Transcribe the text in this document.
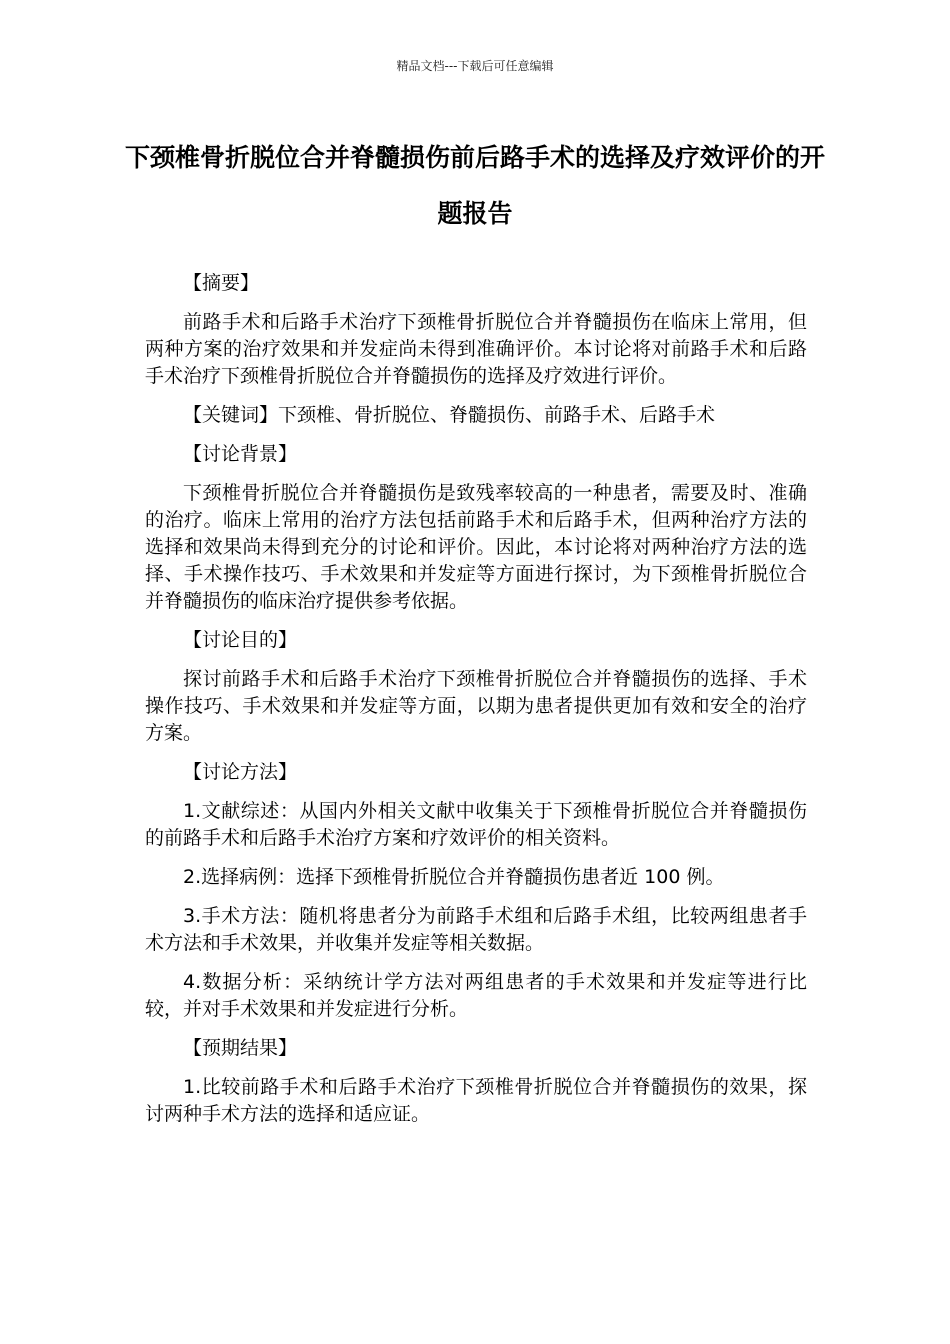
精品文档---下载后可任意编辑
下颈椎骨折脱位合并脊髓损伤前后路手术的选择及疗效评价的开题报告

【摘要】

前路手术和后路手术治疗下颈椎骨折脱位合并脊髓损伤在临床上常用，但两种方案的治疗效果和并发症尚未得到准确评价。本讨论将对前路手术和后路手术治疗下颈椎骨折脱位合并脊髓损伤的选择及疗效进行评价。

【关键词】下颈椎、骨折脱位、脊髓损伤、前路手术、后路手术

【讨论背景】

下颈椎骨折脱位合并脊髓损伤是致残率较高的一种患者，需要及时、准确的治疗。临床上常用的治疗方法包括前路手术和后路手术，但两种治疗方法的选择和效果尚未得到充分的讨论和评价。因此，本讨论将对两种治疗方法的选择、手术操作技巧、手术效果和并发症等方面进行探讨，为下颈椎骨折脱位合并脊髓损伤的临床治疗提供参考依据。

【讨论目的】

探讨前路手术和后路手术治疗下颈椎骨折脱位合并脊髓损伤的选择、手术操作技巧、手术效果和并发症等方面，以期为患者提供更加有效和安全的治疗方案。

【讨论方法】

1.文献综述：从国内外相关文献中收集关于下颈椎骨折脱位合并脊髓损伤的前路手术和后路手术治疗方案和疗效评价的相关资料。

2.选择病例：选择下颈椎骨折脱位合并脊髓损伤患者近 100 例。

3.手术方法：随机将患者分为前路手术组和后路手术组，比较两组患者手术方法和手术效果，并收集并发症等相关数据。

4.数据分析：采纳统计学方法对两组患者的手术效果和并发症等进行比较，并对手术效果和并发症进行分析。

【预期结果】

1.比较前路手术和后路手术治疗下颈椎骨折脱位合并脊髓损伤的效果，探讨两种手术方法的选择和适应证。
